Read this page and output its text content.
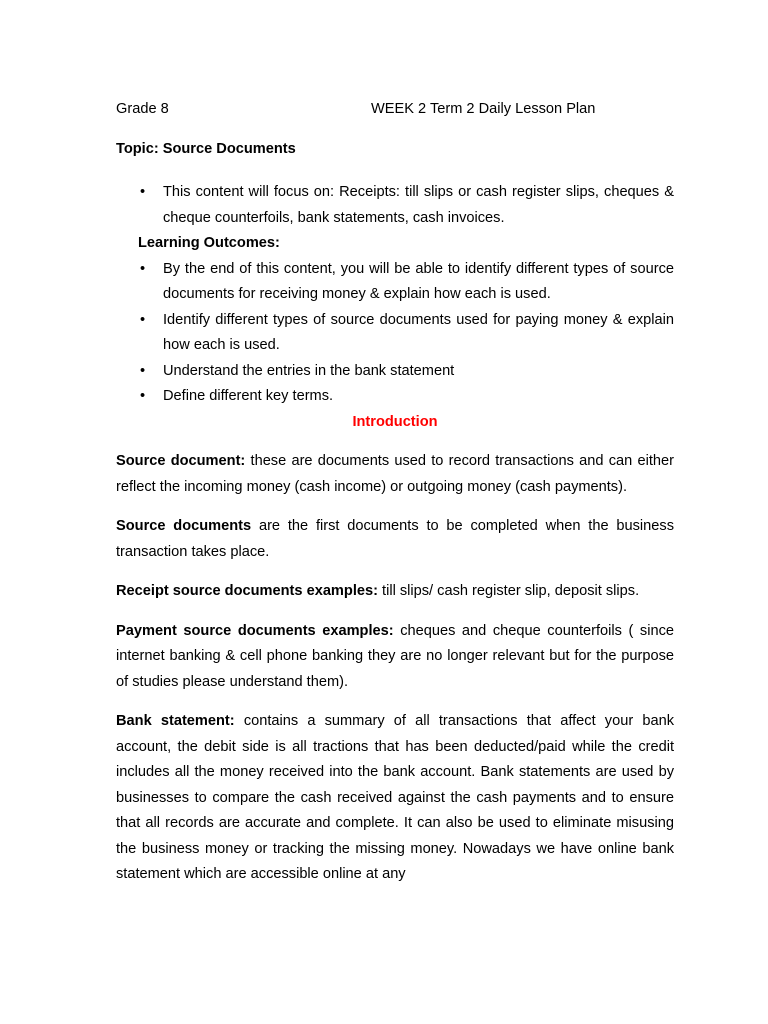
Grade 8	WEEK 2 Term 2 Daily Lesson Plan
Topic: Source Documents
• This content will focus on: Receipts: till slips or cash register slips, cheques & cheque counterfoils, bank statements, cash invoices.
Learning Outcomes:
• By the end of this content, you will be able to identify different types of source documents for receiving money & explain how each is used.
• Identify different types of source documents used for paying money & explain how each is used.
• Understand the entries in the bank statement
• Define different key terms.
Introduction

Source document: these are documents used to record transactions and can either reflect the incoming money (cash income) or outgoing money (cash payments).

Source documents are the first documents to be completed when the business transaction takes place.

Receipt source documents examples: till slips/ cash register slip, deposit slips.

Payment source documents examples: cheques and cheque counterfoils ( since internet banking & cell phone banking they are no longer relevant but for the purpose of studies please understand them).

Bank statement: contains a summary of all transactions that affect your bank account, the debit side is all tractions that has been deducted/paid while the credit includes all the money received into the bank account. Bank statements are used by businesses to compare the cash received against the cash payments and to ensure that all records are accurate and complete. It can also be used to eliminate misusing the business money or tracking the missing money. Nowadays we have online bank statement which are accessible online at any
